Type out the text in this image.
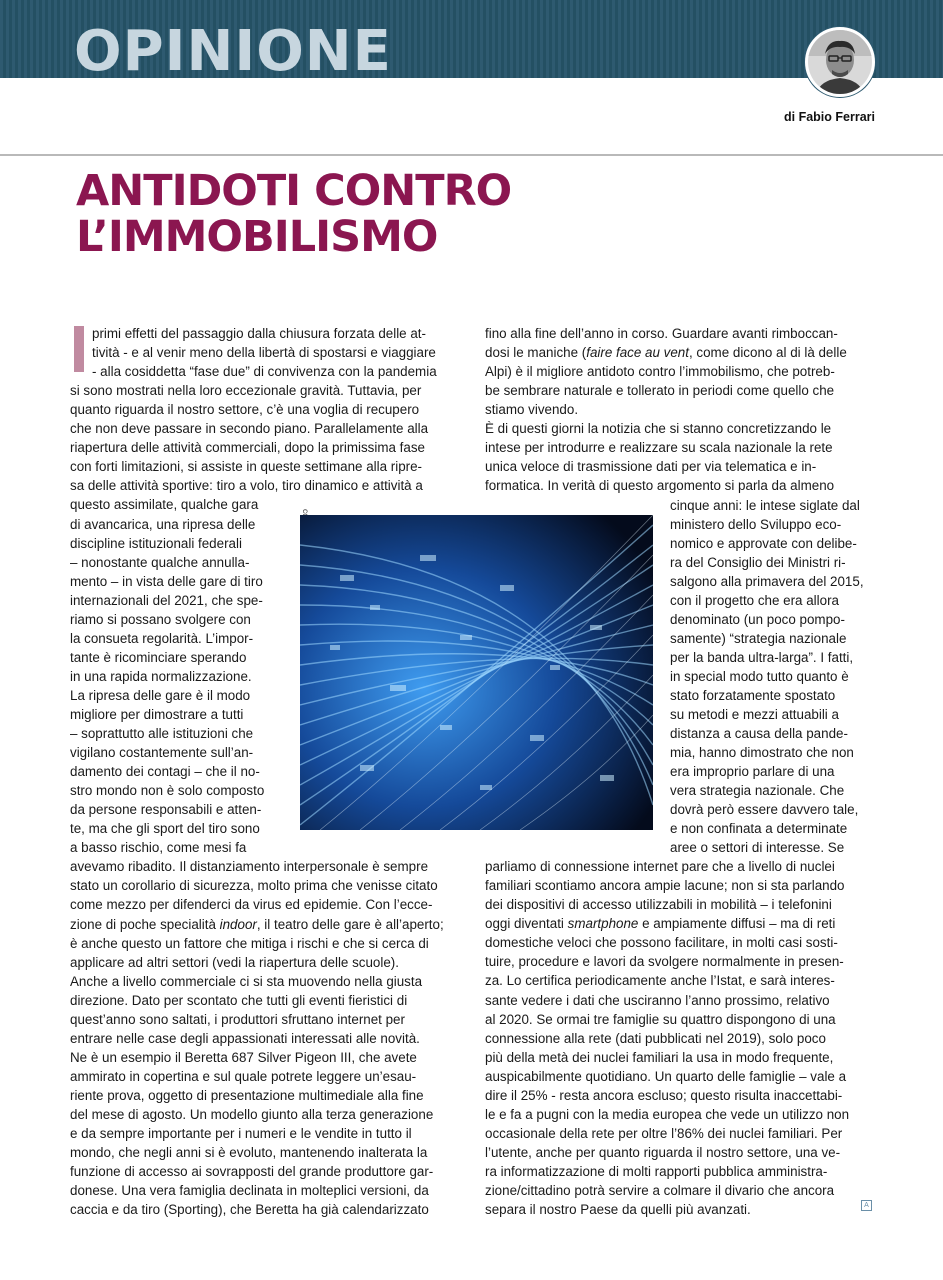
OPINIONE
di Fabio Ferrari
ANTIDOTI CONTRO
L’IMMOBILISMO
primi effetti del passaggio dalla chiusura forzata delle at-
tività - e al venir meno della libertà di spostarsi e viaggiare
- alla cosiddetta “fase due” di convivenza con la pandemia
si sono mostrati nella loro eccezionale gravità. Tuttavia, per
quanto riguarda il nostro settore, c’è una voglia di recupero
che non deve passare in secondo piano. Parallelamente alla
riapertura delle attività commerciali, dopo la primissima fase
con forti limitazioni, si assiste in queste settimane alla ripre-
sa delle attività sportive: tiro a volo, tiro dinamico e attività a
questo assimilate, qualche gara
di avancarica, una ripresa delle
discipline istituzionali federali
– nonostante qualche annulla-
mento – in vista delle gare di tiro
internazionali del 2021, che spe-
riamo si possano svolgere con
la consueta regolarità. L’impor-
tante è ricominciare sperando
in una rapida normalizzazione.
La ripresa delle gare è il modo
migliore per dimostrare a tutti
– soprattutto alle istituzioni che
vigilano costantemente sull’an-
damento dei contagi – che il no-
stro mondo non è solo composto
da persone responsabili e atten-
te, ma che gli sport del tiro sono
a basso rischio, come mesi fa
avevamo ribadito. Il distanziamento interpersonale è sempre
stato un corollario di sicurezza, molto prima che venisse citato
come mezzo per difenderci da virus ed epidemie. Con l’ecce-
zione di poche specialità indoor, il teatro delle gare è all’aperto;
è anche questo un fattore che mitiga i rischi e che si cerca di
applicare ad altri settori (vedi la riapertura delle scuole).
Anche a livello commerciale ci si sta muovendo nella giusta
direzione. Dato per scontato che tutti gli eventi fieristici di
quest’anno sono saltati, i produttori sfruttano internet per
entrare nelle case degli appassionati interessati alle novità.
Ne è un esempio il Beretta 687 Silver Pigeon III, che avete
ammirato in copertina e sul quale potrete leggere un’esau-
riente prova, oggetto di presentazione multimediale alla fine
del mese di agosto. Un modello giunto alla terza generazione
e da sempre importante per i numeri e le vendite in tutto il
mondo, che negli anni si è evoluto, mantenendo inalterata la
funzione di accesso ai sovrapposti del grande produttore gar-
donese. Una vera famiglia declinata in molteplici versioni, da
caccia e da tiro (Sporting), che Beretta ha già calendarizzato
fino alla fine dell’anno in corso. Guardare avanti rimboccan-
dosi le maniche (faire face au vent, come dicono al di là delle
Alpi) è il migliore antidoto contro l’immobilismo, che potreb-
be sembrare naturale e tollerato in periodi come quello che
stiamo vivendo.
È di questi giorni la notizia che si stanno concretizzando le
intese per introdurre e realizzare su scala nazionale la rete
unica veloce di trasmissione dati per via telematica e in-
formatica. In verità di questo argomento si parla da almeno
cinque anni: le intese siglate dal
ministero dello Sviluppo eco-
nomico e approvate con delibe-
ra del Consiglio dei Ministri ri-
salgono alla primavera del 2015,
con il progetto che era allora
denominato (un poco pompo-
samente) “strategia nazionale
per la banda ultra-larga”. I fatti,
in special modo tutto quanto è
stato forzatamente spostato
su metodi e mezzi attuabili a
distanza a causa della pande-
mia, hanno dimostrato che non
era improprio parlare di una
vera strategia nazionale. Che
dovrà però essere davvero tale,
e non confinata a determinate
aree o settori di interesse. Se
parliamo di connessione internet pare che a livello di nuclei
familiari scontiamo ancora ampie lacune; non si sta parlando
dei dispositivi di accesso utilizzabili in mobilità – i telefonini
oggi diventati smartphone e ampiamente diffusi – ma di reti
domestiche veloci che possono facilitare, in molti casi sosti-
tuire, procedure e lavori da svolgere normalmente in presen-
za. Lo certifica periodicamente anche l’Istat, e sarà interes-
sante vedere i dati che usciranno l’anno prossimo, relativo
al 2020. Se ormai tre famiglie su quattro dispongono di una
connessione alla rete (dati pubblicati nel 2019), solo poco
più della metà dei nuclei familiari la usa in modo frequente,
auspicabilmente quotidiano. Un quarto delle famiglie – vale a
dire il 25% - resta ancora escluso; questo risulta inaccettabi-
le e fa a pugni con la media europea che vede un utilizzo non
occasionale della rete per oltre l’86% dei nuclei familiari. Per
l’utente, anche per quanto riguarda il nostro settore, una ve-
ra informatizzazione di molti rapporti pubblica amministra-
zione/cittadino potrà servire a colmare il divario che ancora
separa il nostro Paese da quelli più avanzati.	A
